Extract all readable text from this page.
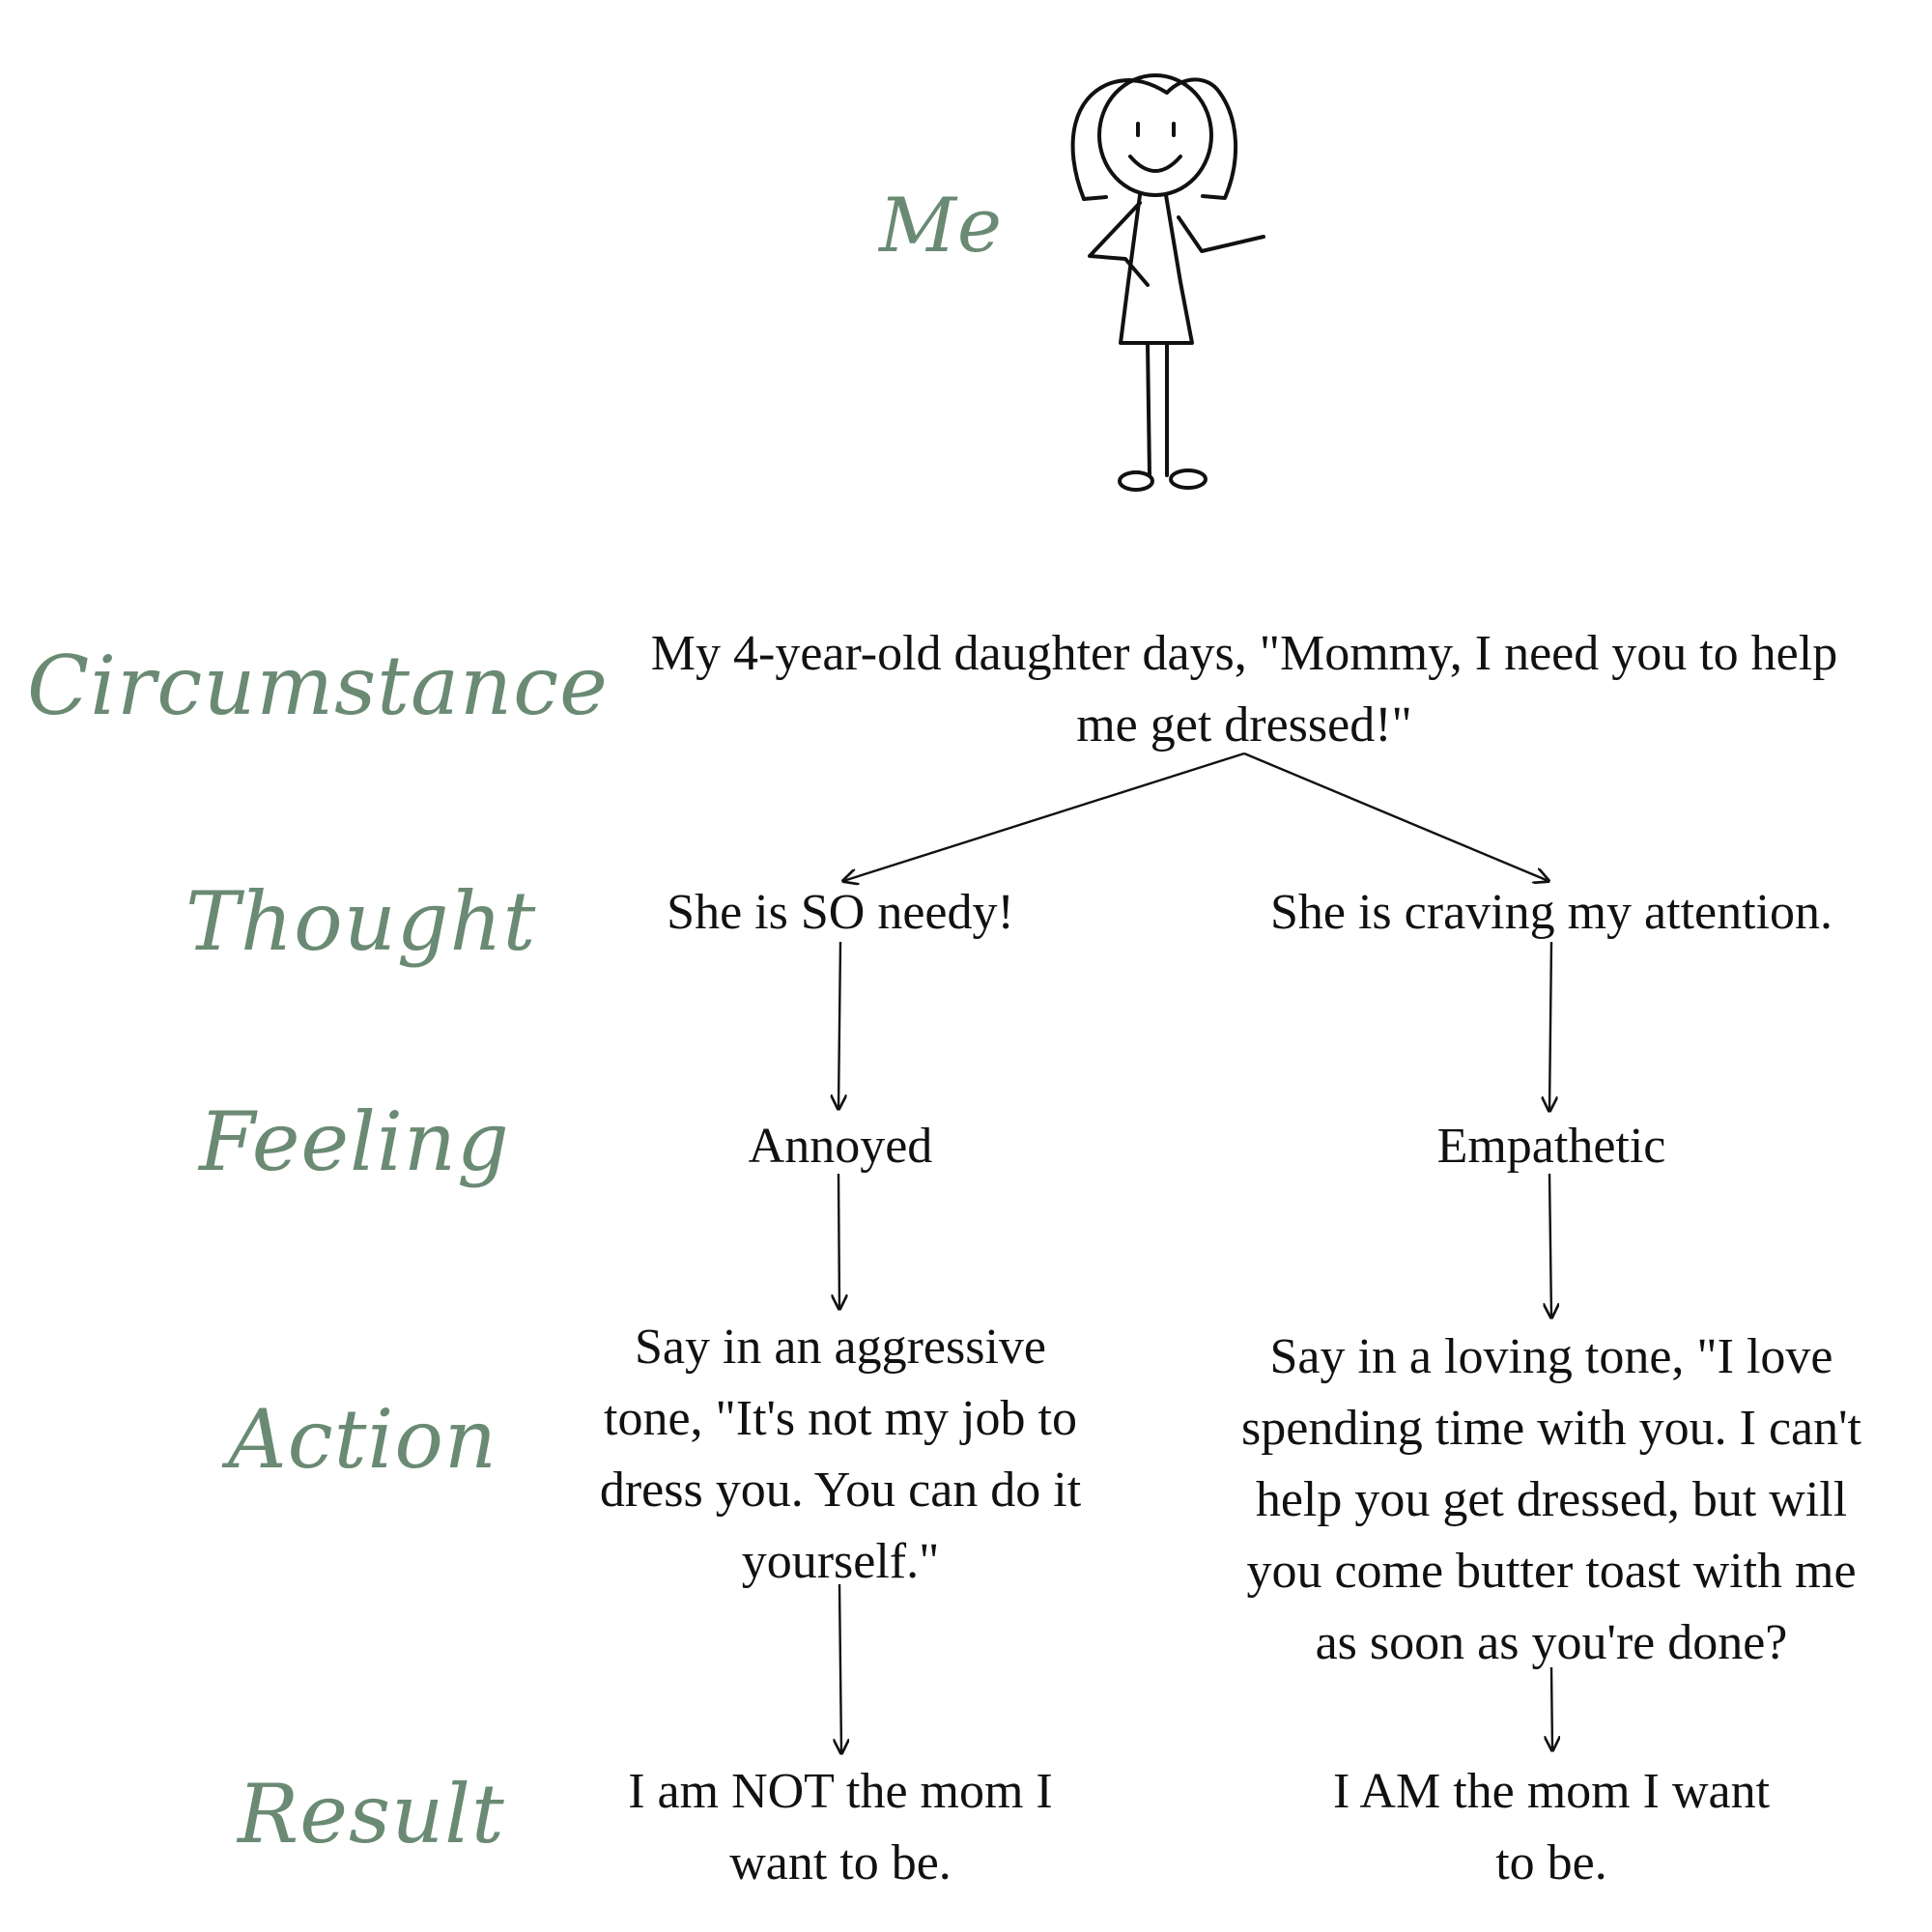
Me
Circumstance
Thought
Feeling
Action
Result
My 4-year-old daughter days, "Mommy, I need you to help
me get dressed!"
She is SO needy!
Annoyed
Say in an aggressive
tone, "It's not my job to
dress you. You can do it
yourself."
I am NOT the mom I
want to be.
She is craving my attention.
Empathetic
Say in a loving tone, "I love
spending time with you. I can't
help you get dressed, but will
you come butter toast with me
as soon as you're done?
I AM the mom I want
to be.
